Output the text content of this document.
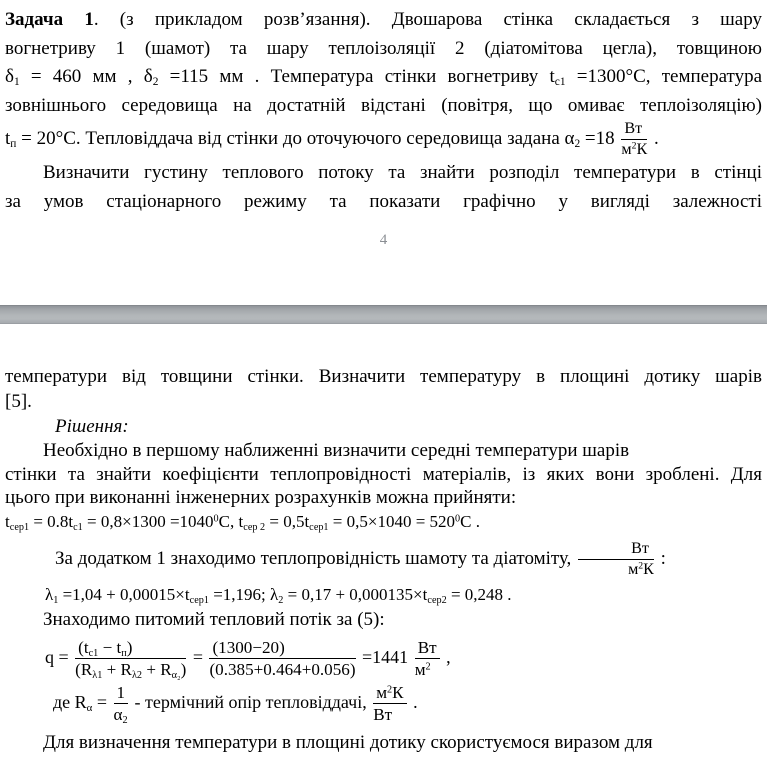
Задача 1. (з прикладом розв’язання). Двошарова стінка складається з шару
вогнетриву 1 (шамот) та шару теплоізоляції 2 (діатомітова цегла), товщиною
$\delta_1 = 460$ мм , $\delta_2 =115$ мм . Температура стінки вогнетриву $t_{с1} =1300^\circ С$, температура
зовнішнього середовища на достатній відстані (повітря, що омиває теплоізоляцію)
$t_п = 20^\circ С$. Тепловіддача від стінки до оточуючого середовища задана $\alpha_2 =18 \frac{Вт}{м^2К}$ .
Визначити густину теплового потоку та знайти розподіл температури в стінці
за умов стаціонарного режиму та показати графічно у вигляді залежності
4
температури від товщини стінки. Визначити температуру в площині дотику шарів
[5].
Рішення:
Необхідно в першому наближенні визначити середні температури шарів
стінки та знайти коефіцієнти теплопровідності матеріалів, із яких вони зроблені. Для
цього при виконанні інженерних розрахунків можна прийняти:
$t_{сер1} = 0.8t_{с1} = 0,8\times 1300 =1040^0С$, $t_{сер 2} = 0,5t_{сер1} = 0,5\times 1040 = 520^0С$ .
За додатком 1 знаходимо теплопровідність шамоту та діатоміту, $\frac{Вт}{м^2К}$ :
$\lambda_1 =1,04 + 0,00015\times t_{сер1} =1,196$; $\lambda_2 = 0,17 + 0,000135\times t_{сер2} = 0,248$ .
Знаходимо питомий тепловий потік за (5):
$q = \frac{(t_{с1} - t_п)}{(R_{\lambda 1} + R_{\lambda 2} + R_{\alpha_2})} = \frac{(1300-20)}{(0.385+0.464+0.056)} =1441 \frac{Вт}{м^2}$ ,
де $R_\alpha = \frac{1}{\alpha_2}$ - термічний опір тепловіддачі, $\frac{м^2К}{Вт}$ .
Для визначення температури в площині дотику скористуємося виразом для
